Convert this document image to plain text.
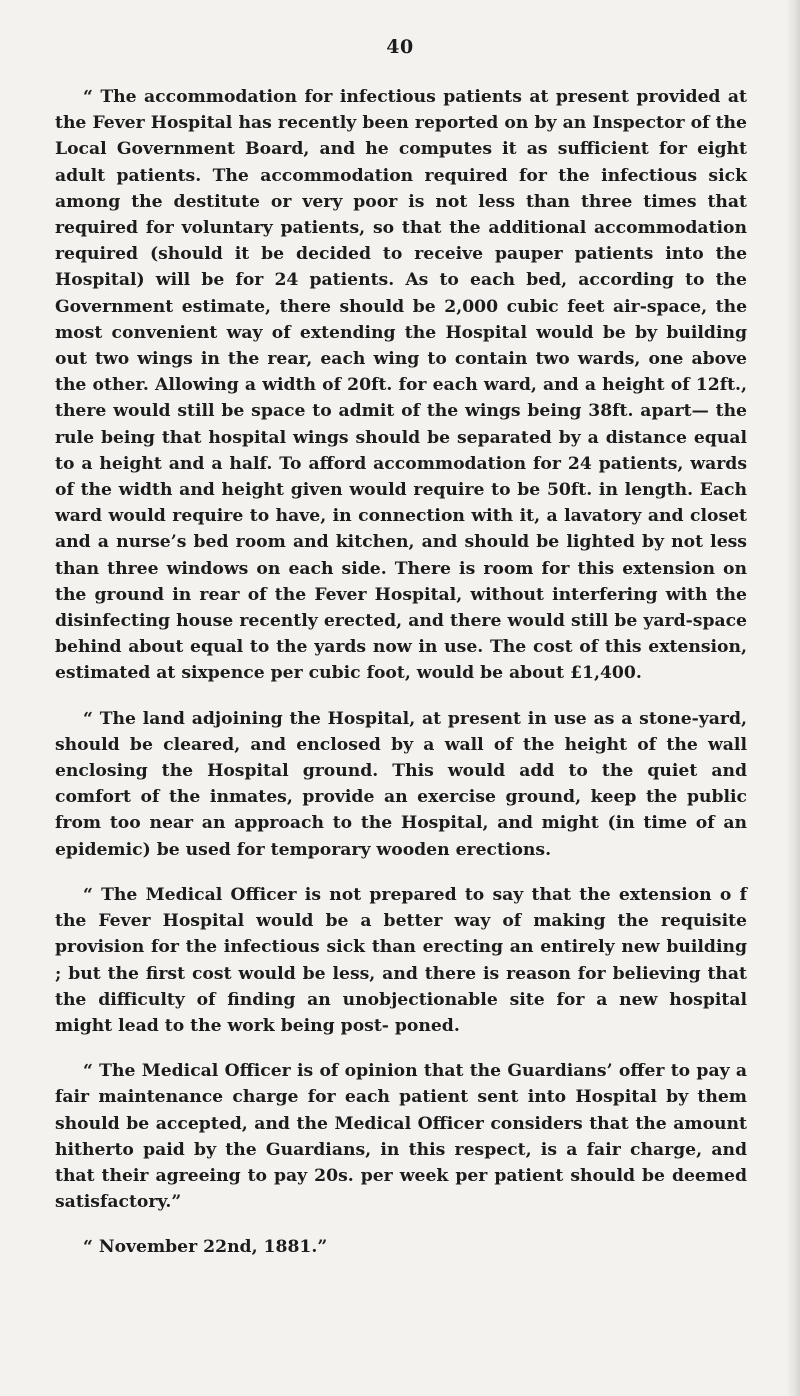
40

“ The accommodation for infectious patients at present provided at the Fever Hospital has recently been reported on by an Inspector of the Local Government Board, and he computes it as sufficient for eight adult patients. The accommodation required for the infectious sick among the destitute or very poor is not less than three times that required for voluntary patients, so that the additional accommodation required (should it be decided to receive pauper patients into the Hospital) will be for 24 patients. As to each bed, according to the Government estimate, there should be 2,000 cubic feet air-space, the most convenient way of extending the Hospital would be by building out two wings in the rear, each wing to contain two wards, one above the other. Allowing a width of 20ft. for each ward, and a height of 12ft., there would still be space to admit of the wings being 38ft. apart— the rule being that hospital wings should be separated by a distance equal to a height and a half. To afford accommodation for 24 patients, wards of the width and height given would require to be 50ft. in length. Each ward would require to have, in connection with it, a lavatory and closet and a nurse’s bed room and kitchen, and should be lighted by not less than three windows on each side. There is room for this extension on the ground in rear of the Fever Hospital, without interfering with the disinfecting house recently erected, and there would still be yard-space behind about equal to the yards now in use. The cost of this extension, estimated at sixpence per cubic foot, would be about £1,400.

“ The land adjoining the Hospital, at present in use as a stone-yard, should be cleared, and enclosed by a wall of the height of the wall enclosing the Hospital ground. This would add to the quiet and comfort of the inmates, provide an exercise ground, keep the public from too near an approach to the Hospital, and might (in time of an epidemic) be used for temporary wooden erections.

“ The Medical Officer is not prepared to say that the extension o f the Fever Hospital would be a better way of making the requisite provision for the infectious sick than erecting an entirely new building ; but the first cost would be less, and there is reason for believing that the difficulty of finding an unobjectionable site for a new hospital might lead to the work being post- poned.

“ The Medical Officer is of opinion that the Guardians’ offer to pay a fair maintenance charge for each patient sent into Hospital by them should be accepted, and the Medical Officer considers that the amount hitherto paid by the Guardians, in this respect, is a fair charge, and that their agreeing to pay 20s. per week per patient should be deemed satisfactory.”

“ November 22nd, 1881.”
